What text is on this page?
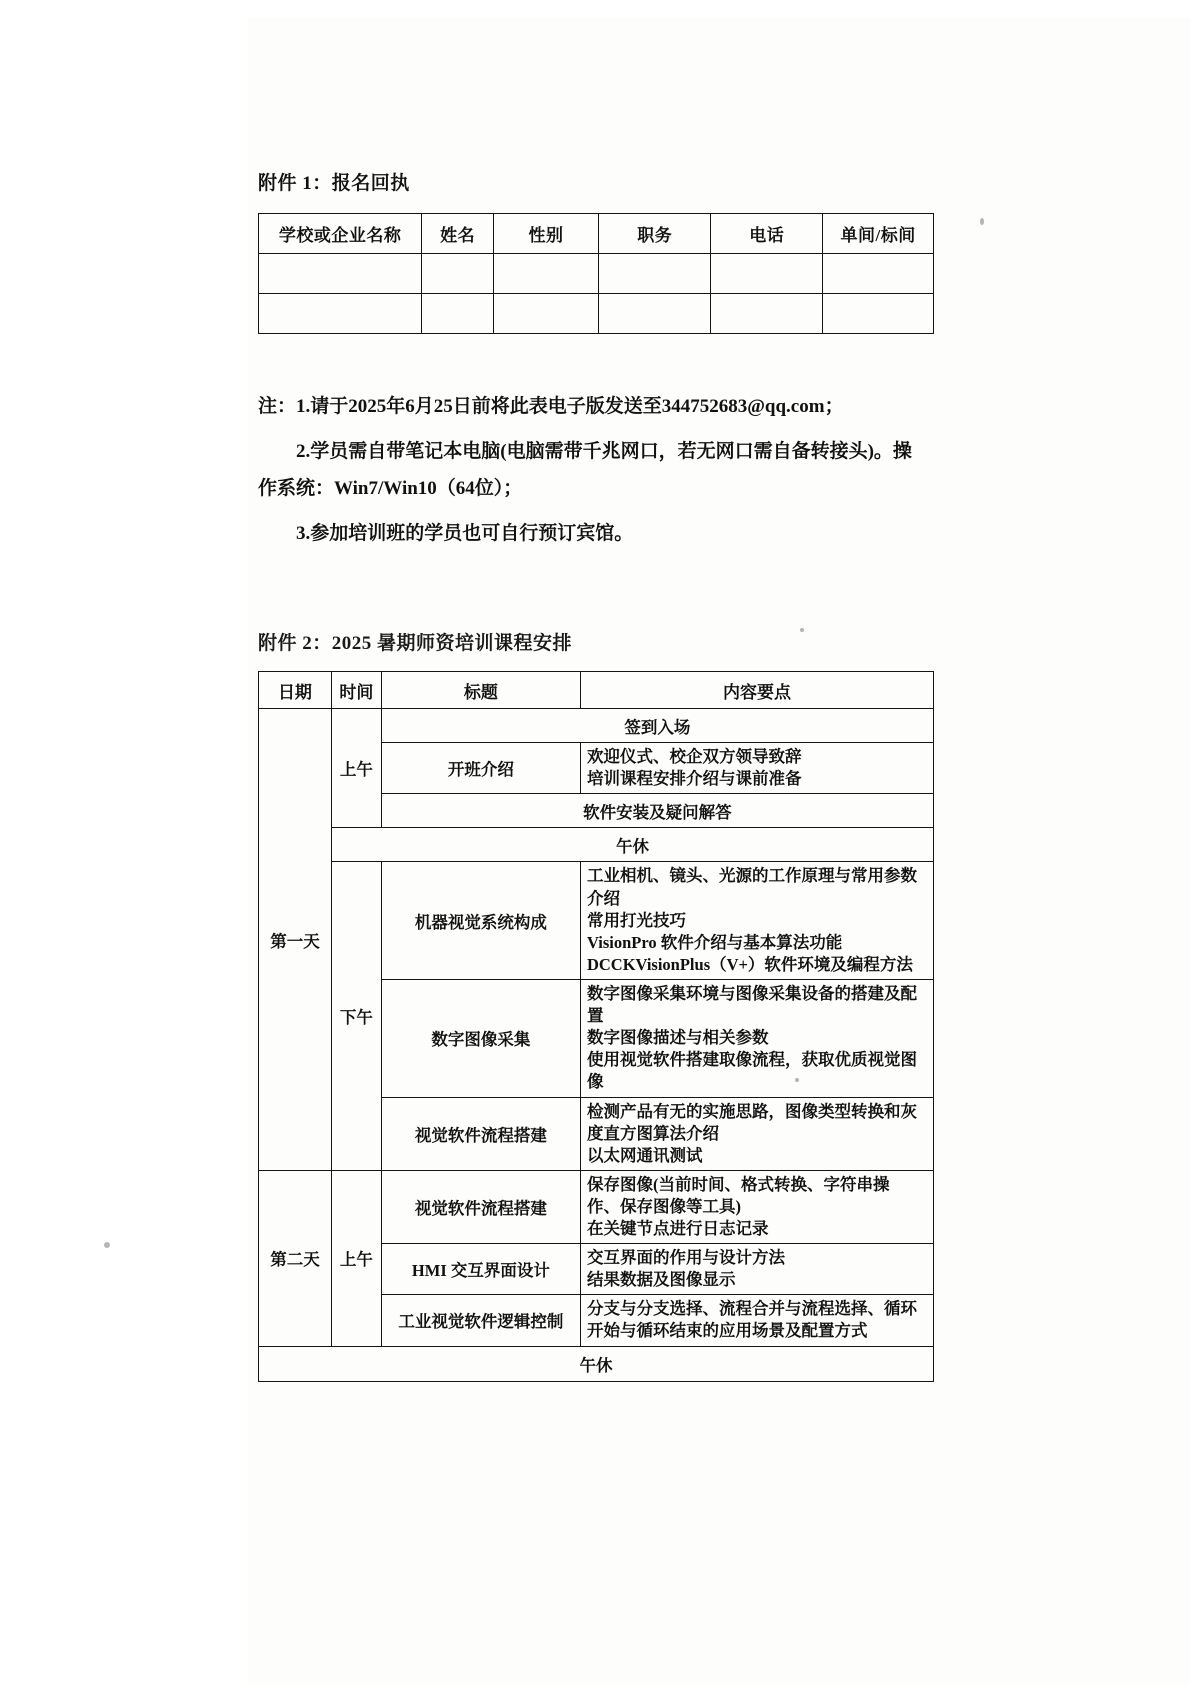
附件 1：报名回执
学校或企业名称	姓名	性别	职务	电话	单间/标间

注：1.请于2025年6月25日前将此表电子版发送至344752683@qq.com；
2.学员需自带笔记本电脑(电脑需带千兆网口，若无网口需自备转接头)。操
作系统：Win7/Win10（64位）；
3.参加培训班的学员也可自行预订宾馆。
附件 2：2025 暑期师资培训课程安排
日期	时间	标题	内容要点
第一天	上午	签到入场	
		开班介绍	欢迎仪式、校企双方领导致辞
培训课程安排介绍与课前准备

		软件安装及疑问解答	
	午休		
	下午	机器视觉系统构成	工业相机、镜头、光源的工作原理与常用参数
介绍
常用打光技巧
VisionPro 软件介绍与基本算法功能
DCCKVisionPlus（V+）软件环境及编程方法

		数字图像采集	数字图像采集环境与图像采集设备的搭建及配
置
数字图像描述与相关参数
使用视觉软件搭建取像流程，获取优质视觉图
像

		视觉软件流程搭建	检测产品有无的实施思路，图像类型转换和灰
度直方图算法介绍
以太网通讯测试

第二天	上午	视觉软件流程搭建	保存图像(当前时间、格式转换、字符串操
作、保存图像等工具)
在关键节点进行日志记录

		HMI 交互界面设计	交互界面的作用与设计方法
结果数据及图像显示

		工业视觉软件逻辑控制	分支与分支选择、流程合并与流程选择、循环
开始与循环结束的应用场景及配置方式

午休			
